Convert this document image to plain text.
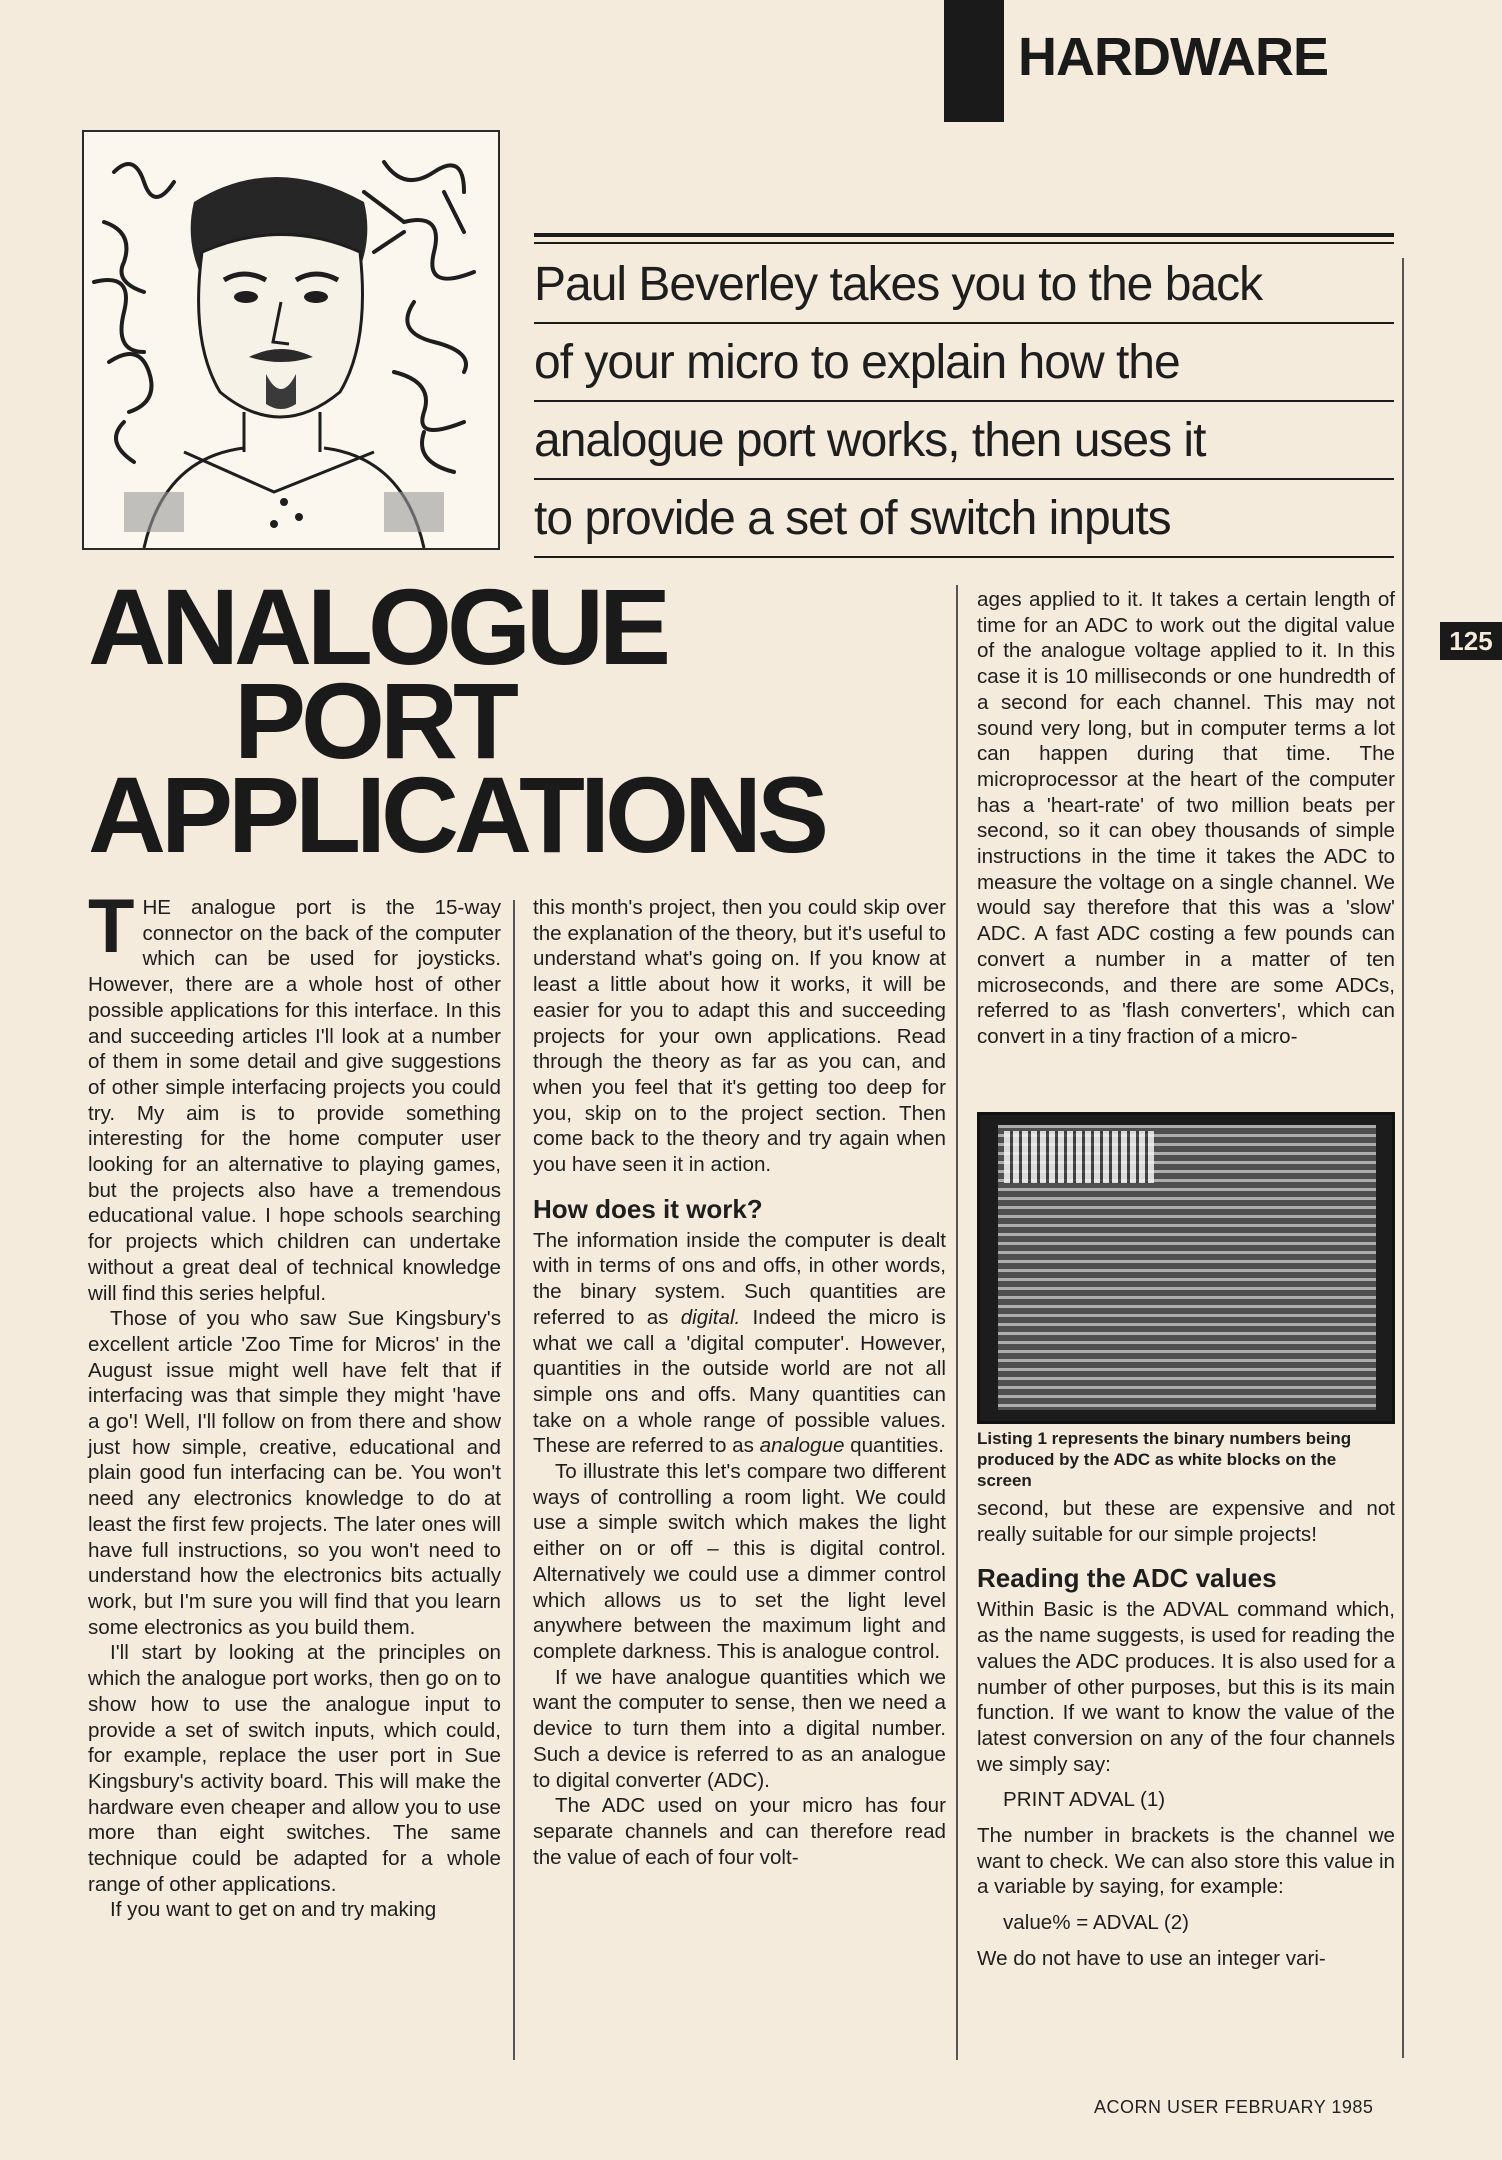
HARDWARE
Paul Beverley takes you to the back
of your micro to explain how the
analogue port works, then uses it
to provide a set of switch inputs
125
ANALOGUE
PORT
APPLICATIONS

THE analogue port is the 15-way connector on the back of the computer which can be used for joysticks. However, there are a whole host of other possible applications for this interface. In this and succeeding articles I'll look at a number of them in some detail and give suggestions of other simple interfacing projects you could try. My aim is to provide something interesting for the home computer user looking for an alternative to playing games, but the projects also have a tremendous educational value. I hope schools searching for projects which children can undertake without a great deal of technical knowledge will find this series helpful.

Those of you who saw Sue Kingsbury's excellent article 'Zoo Time for Micros' in the August issue might well have felt that if interfacing was that simple they might 'have a go'! Well, I'll follow on from there and show just how simple, creative, educational and plain good fun interfacing can be. You won't need any electronics knowledge to do at least the first few projects. The later ones will have full instructions, so you won't need to understand how the electronics bits actually work, but I'm sure you will find that you learn some electronics as you build them.

I'll start by looking at the principles on which the analogue port works, then go on to show how to use the analogue input to provide a set of switch inputs, which could, for example, replace the user port in Sue Kingsbury's activity board. This will make the hardware even cheaper and allow you to use more than eight switches. The same technique could be adapted for a whole range of other applications.

If you want to get on and try making

this month's project, then you could skip over the explanation of the theory, but it's useful to understand what's going on. If you know at least a little about how it works, it will be easier for you to adapt this and succeeding projects for your own applications. Read through the theory as far as you can, and when you feel that it's getting too deep for you, skip on to the project section. Then come back to the theory and try again when you have seen it in action.

How does it work?

The information inside the computer is dealt with in terms of ons and offs, in other words, the binary system. Such quantities are referred to as digital. Indeed the micro is what we call a 'digital computer'. However, quantities in the outside world are not all simple ons and offs. Many quantities can take on a whole range of possible values. These are referred to as analogue quantities.

To illustrate this let's compare two different ways of controlling a room light. We could use a simple switch which makes the light either on or off – this is digital control. Alternatively we could use a dimmer control which allows us to set the light level anywhere between the maximum light and complete darkness. This is analogue control.

If we have analogue quantities which we want the computer to sense, then we need a device to turn them into a digital number. Such a device is referred to as an analogue to digital converter (ADC).

The ADC used on your micro has four separate channels and can therefore read the value of each of four volt-

ages applied to it. It takes a certain length of time for an ADC to work out the digital value of the analogue voltage applied to it. In this case it is 10 milliseconds or one hundredth of a second for each channel. This may not sound very long, but in computer terms a lot can happen during that time. The microprocessor at the heart of the computer has a 'heart-rate' of two million beats per second, so it can obey thousands of simple instructions in the time it takes the ADC to measure the voltage on a single channel. We would say therefore that this was a 'slow' ADC. A fast ADC costing a few pounds can convert a number in a matter of ten microseconds, and there are some ADCs, referred to as 'flash converters', which can convert in a tiny fraction of a micro-

Listing 1 represents the binary numbers being produced by the ADC as white blocks on the screen

second, but these are expensive and not really suitable for our simple projects!

Reading the ADC values

Within Basic is the ADVAL command which, as the name suggests, is used for reading the values the ADC produces. It is also used for a number of other purposes, but this is its main function. If we want to know the value of the latest conversion on any of the four channels we simply say:

PRINT ADVAL (1)

The number in brackets is the channel we want to check. We can also store this value in a variable by saying, for example:

value% = ADVAL (2)

We do not have to use an integer vari-

ACORN USER FEBRUARY 1985
